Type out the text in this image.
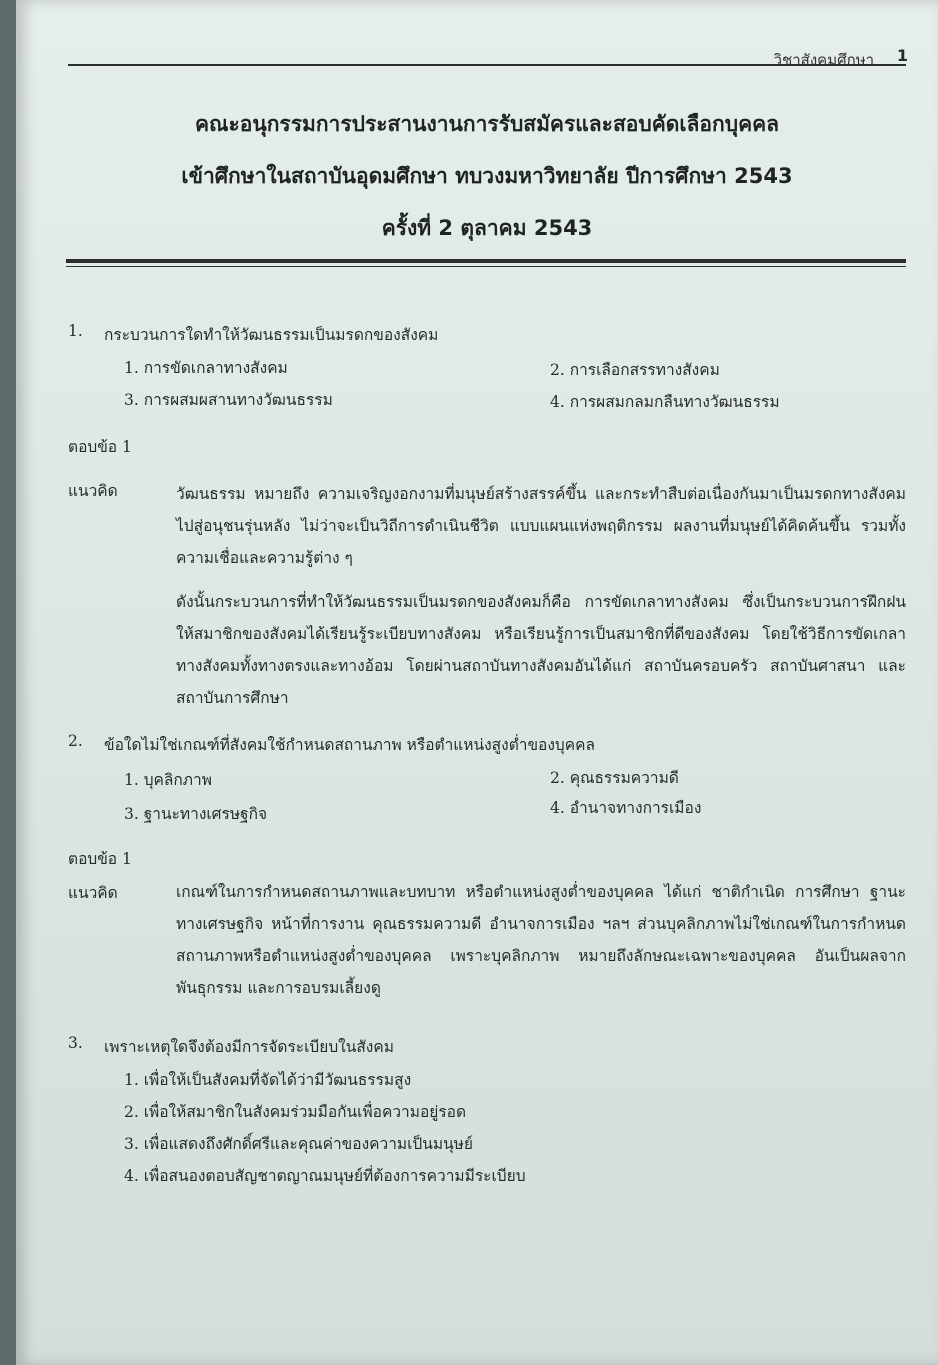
วิชาสังคมศึกษา 1
คณะอนุกรรมการประสานงานการรับสมัครและสอบคัดเลือกบุคคล
เข้าศึกษาในสถาบันอุดมศึกษา ทบวงมหาวิทยาลัย ปีการศึกษา 2543
ครั้งที่ 2 ตุลาคม 2543
1. กระบวนการใดทำให้วัฒนธรรมเป็นมรดกของสังคม
1. การขัดเกลาทางสังคม	2. การเลือกสรรทางสังคม
3. การผสมผสานทางวัฒนธรรม	4. การผสมกลมกลืนทางวัฒนธรรม
ตอบข้อ 1
แนวคิด	วัฒนธรรม หมายถึง ความเจริญงอกงามที่มนุษย์สร้างสรรค์ขึ้น และกระทำสืบต่อเนื่องกันมาเป็นมรดกทางสังคมไปสู่อนุชนรุ่นหลัง ไม่ว่าจะเป็นวิถีการดำเนินชีวิต แบบแผนแห่งพฤติกรรม ผลงานที่มนุษย์ได้คิดค้นขึ้น รวมทั้งความเชื่อและความรู้ต่าง ๆ
ดังนั้นกระบวนการที่ทำให้วัฒนธรรมเป็นมรดกของสังคมก็คือ การขัดเกลาทางสังคม ซึ่งเป็นกระบวนการฝึกฝนให้สมาชิกของสังคมได้เรียนรู้ระเบียบทางสังคม หรือเรียนรู้การเป็นสมาชิกที่ดีของสังคม โดยใช้วิธีการขัดเกลาทางสังคมทั้งทางตรงและทางอ้อม โดยผ่านสถาบันทางสังคมอันได้แก่ สถาบันครอบครัว สถาบันศาสนา และสถาบันการศึกษา
2. ข้อใดไม่ใช่เกณฑ์ที่สังคมใช้กำหนดสถานภาพ หรือตำแหน่งสูงต่ำของบุคคล
1. บุคลิกภาพ	2. คุณธรรมความดี
3. ฐานะทางเศรษฐกิจ	4. อำนาจทางการเมือง
ตอบข้อ 1
แนวคิด	เกณฑ์ในการกำหนดสถานภาพและบทบาท หรือตำแหน่งสูงต่ำของบุคคล ได้แก่ ชาติกำเนิด การศึกษา ฐานะทางเศรษฐกิจ หน้าที่การงาน คุณธรรมความดี อำนาจการเมือง ฯลฯ ส่วนบุคลิกภาพไม่ใช่เกณฑ์ในการกำหนดสถานภาพหรือตำแหน่งสูงต่ำของบุคคล เพราะบุคลิกภาพ หมายถึงลักษณะเฉพาะของบุคคล อันเป็นผลจากพันธุกรรม และการอบรมเลี้ยงดู
3. เพราะเหตุใดจึงต้องมีการจัดระเบียบในสังคม
1. เพื่อให้เป็นสังคมที่จัดได้ว่ามีวัฒนธรรมสูง
2. เพื่อให้สมาชิกในสังคมร่วมมือกันเพื่อความอยู่รอด
3. เพื่อแสดงถึงศักดิ์ศรีและคุณค่าของความเป็นมนุษย์
4. เพื่อสนองตอบสัญชาตญาณมนุษย์ที่ต้องการความมีระเบียบ
